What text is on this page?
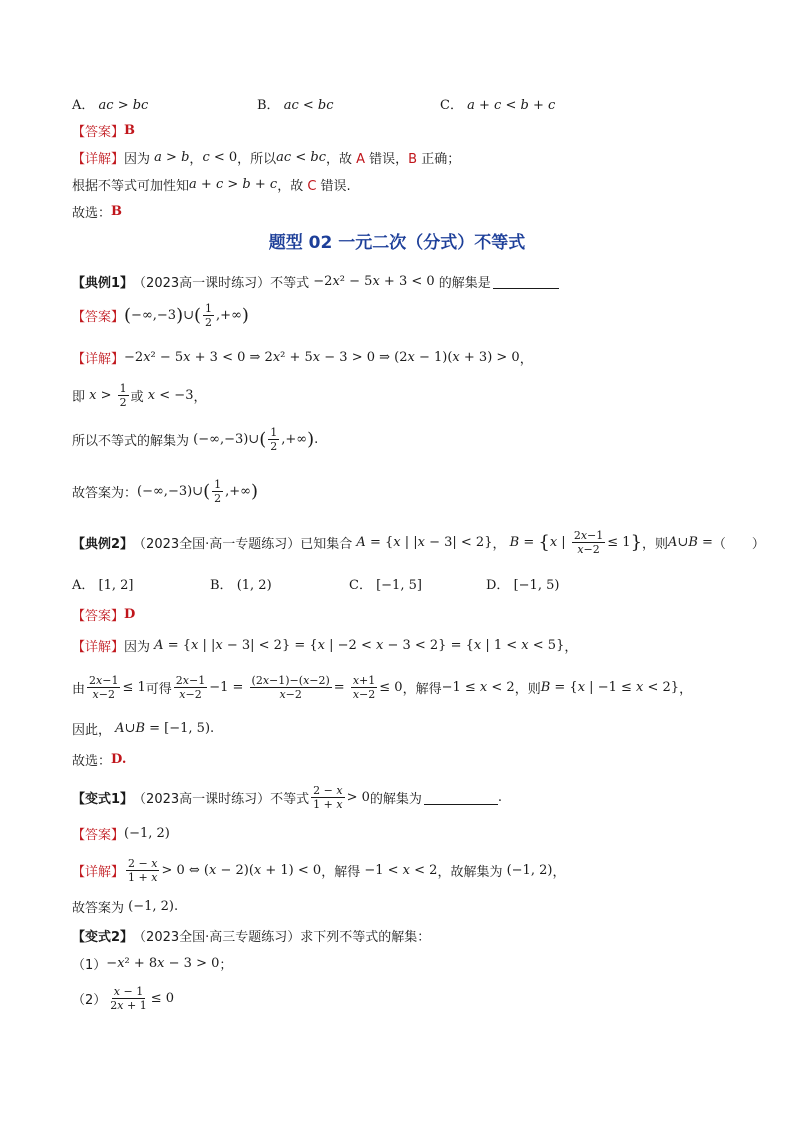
A． ac > bc	B． ac < bc	C． a + c < b + c
【答案】 B
【详解】 因为 a > b ， c < 0 ，所以 ac < bc ，故 A 错误，B 正确；
根据不等式可加性知 a + c > b + c ，故 C 错误.
故选： B
题型 02 一元二次（分式）不等式
【典例1】 （2023高一课时练习） 不等式 −2 x ² − 5 x + 3 < 0 的解集是
【答案】 ( −∞,−3 ) ∪ ( $\frac{1}{2}$ ,+∞ )
【详解】 −2 x ² − 5 x + 3 < 0 ⇒ 2 x ² + 5 x − 3 > 0 ⇒ (2 x − 1)( x + 3) > 0 ，
即 $x > \frac{1}{2}$ 或 x < −3 ，
所以不等式的解集为 (−∞,−3)∪ ( $\frac{1}{2}$ ,+∞ ) .
故答案为： (−∞,−3)∪ ( $\frac{1}{2}$ ,+∞ )
【典例2】 （2023全国·高一专题练习） 已知集合 A = { x | | x − 3| < 2} ，
B = { x | $\frac{2x-1}{x-2} \le 1$ } ，则 A ∪ B = （　　）
A． [1, 2]	B． (1, 2)	C． [−1, 5]	D． [−1, 5)
【答案】 D
【详解】 因为 A = { x | | x − 3| < 2} = { x | −2 < x − 3 < 2} = { x | 1 < x < 5} ，
由 $\frac{2x-1}{x-2} \le 1$ 可得 $\frac{2x-1}{x-2} -1 = \frac{(2x-1)-(x-2)}{x-2} = \frac{x+1}{x-2} \le 0$ ，解得 −1 ≤ x < 2 ，则 B = { x | −1 ≤ x < 2} ，
因此，
A ∪ B = [−1, 5).
故选： D.
【变式1】 （2023高一课时练习） 不等式 $\frac{2 - x}{1 + x} > 0$ 的解集为	.
【答案】 (−1, 2)
【详解】 $\frac{2 - x}{1 + x} > 0$ ⇔ ( x − 2)( x + 1) < 0 ，解得 −1 < x < 2 ，故解集为 (−1, 2) ，
故答案为 (−1, 2).
【变式2】 （2023全国·高三专题练习） 求下列不等式的解集：
（1） − x ² + 8 x − 3 > 0 ；
$(2) \frac{x - 1}{2x + 1} \le 0$
